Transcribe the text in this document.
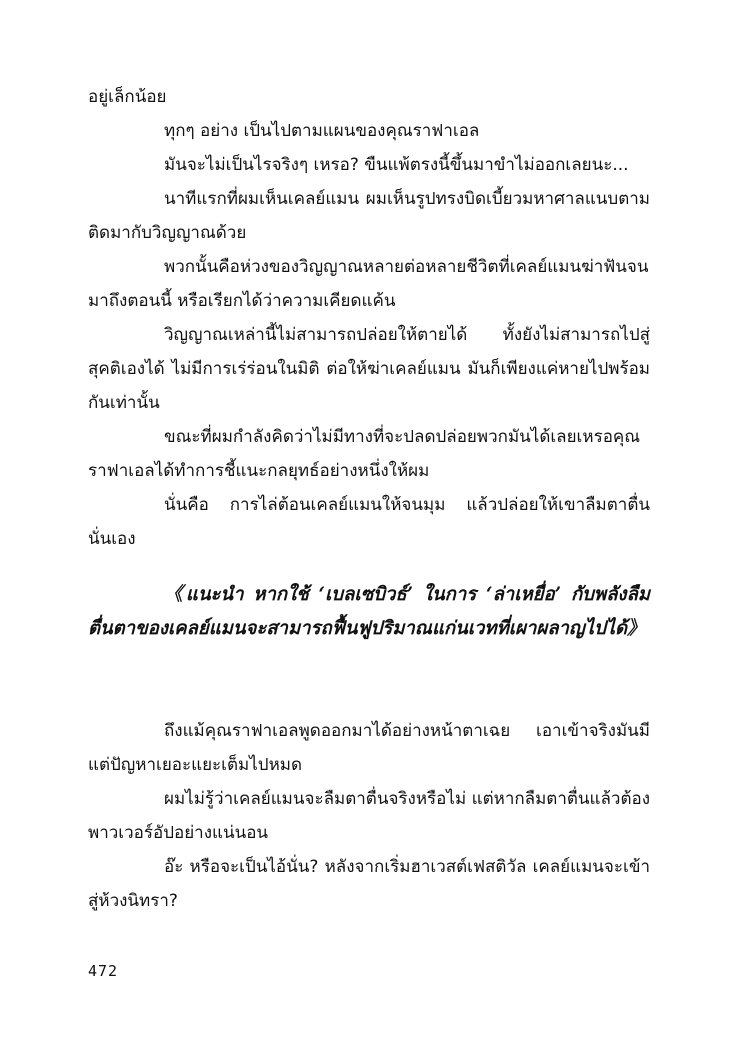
อยู่เล็กน้อย

ทุกๆ อย่าง เป็นไปตามแผนของคุณราฟาเอล

มันจะไม่เป็นไรจริงๆ เหรอ? ขืนแพ้ตรงนี้ขึ้นมาขำไม่ออกเลยนะ...

นาทีแรกที่ผมเห็นเคลย์แมน ผมเห็นรูปทรงบิดเบี้ยวมหาศาลแนบตามติดมากับวิญญาณด้วย

พวกนั้นคือห่วงของวิญญาณหลายต่อหลายชีวิตที่เคลย์แมนฆ่าฟันจนมาถึงตอนนี้ หรือเรียกได้ว่าความเคียดแค้น

วิญญาณเหล่านี้ไม่สามารถปล่อยให้ตายได้ ทั้งยังไม่สามารถไปสู่สุคติเองได้ ไม่มีการเร่ร่อนในมิติ ต่อให้ฆ่าเคลย์แมน มันก็เพียงแค่หายไปพร้อมกันเท่านั้น

ขณะที่ผมกำลังคิดว่าไม่มีทางที่จะปลดปล่อยพวกมันได้เลยเหรอคุณราฟาเอลได้ทำการชี้แนะกลยุทธ์อย่างหนึ่งให้ผม

นั่นคือ การไล่ต้อนเคลย์แมนให้จนมุม แล้วปล่อยให้เขาลืมตาตื่นนั่นเอง

《แนะนำ หากใช้ ‘เบลเซบิวธ์’ ในการ ‘ล่าเหยื่อ’ กับพลังลืมตื่นตาของเคลย์แมนจะสามารถฟื้นฟูปริมาณแก่นเวทที่เผาผลาญไปได้》

ถึงแม้คุณราฟาเอลพูดออกมาได้อย่างหน้าตาเฉย เอาเข้าจริงมันมีแต่ปัญหาเยอะแยะเต็มไปหมด

ผมไม่รู้ว่าเคลย์แมนจะลืมตาตื่นจริงหรือไม่ แต่หากลืมตาตื่นแล้วต้องพาวเวอร์อัปอย่างแน่นอน

อ๊ะ หรือจะเป็นไอ้นั่น? หลังจากเริ่มฮาเวสต์เฟสติวัล เคลย์แมนจะเข้าสู่ห้วงนิทรา?

472
